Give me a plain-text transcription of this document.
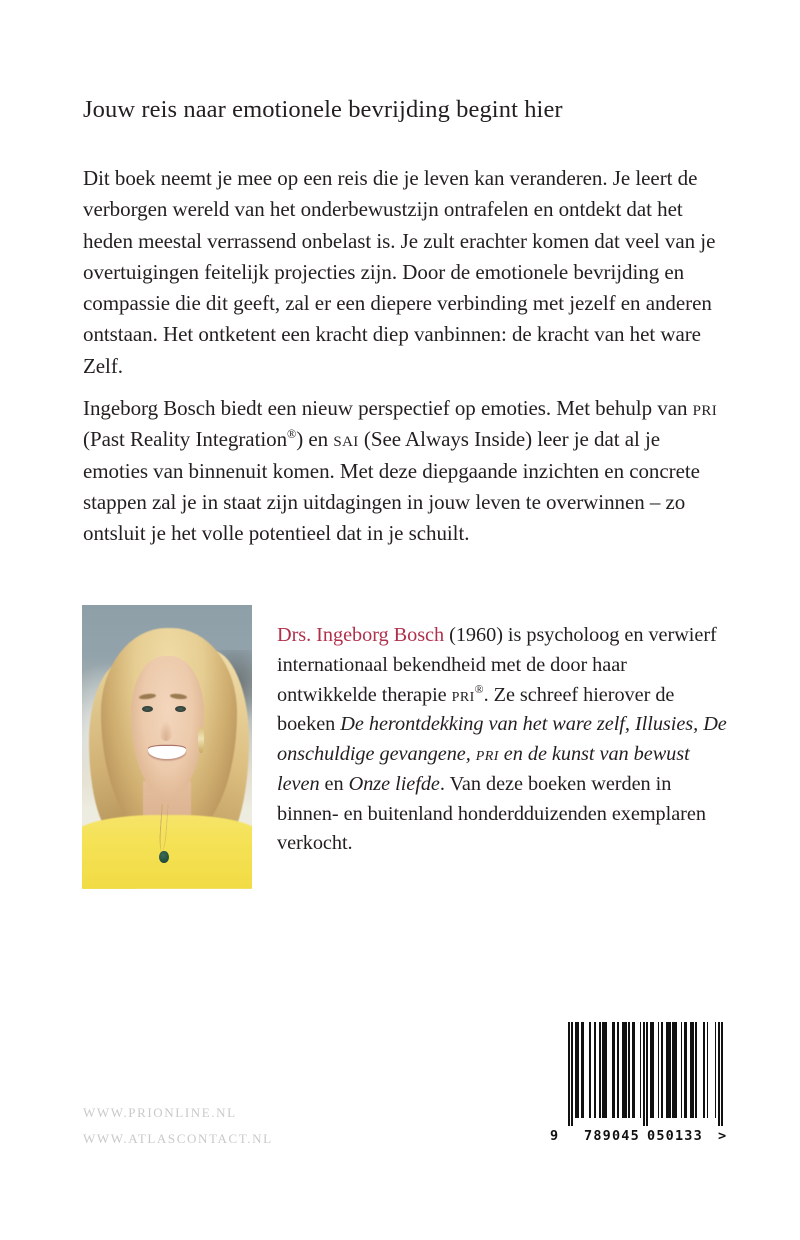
Jouw reis naar emotionele bevrijding begint hier

Dit boek neemt je mee op een reis die je leven kan veranderen. Je leert de verborgen wereld van het onderbewustzijn ontrafelen en ontdekt dat het heden meestal verrassend onbelast is. Je zult erachter komen dat veel van je overtuigingen feitelijk projecties zijn. Door de emotionele bevrijding en compassie die dit geeft, zal er een diepere verbinding met jezelf en anderen ontstaan. Het ontketent een kracht diep vanbinnen: de kracht van het ware Zelf.

Ingeborg Bosch biedt een nieuw perspectief op emoties. Met behulp van pri (Past Reality Integration®) en sai (See Always Inside) leer je dat al je emoties van binnenuit komen. Met deze diepgaande inzichten en concrete stappen zal je in staat zijn uitdagingen in jouw leven te overwinnen – zo ontsluit je het volle potentieel dat in je schuilt.

Drs. Ingeborg Bosch (1960) is psycholoog en verwierf internationaal bekendheid met de door haar ontwikkelde therapie pri®. Ze schreef hierover de boeken De herontdekking van het ware zelf, Illusies, De onschuldige gevangene, pri en de kunst van bewust leven en Onze liefde. Van deze boeken werden in binnen- en buitenland honderdduizenden exemplaren verkocht.

WWW.PRIONLINE.NL
WWW.ATLASCONTACT.NL	9 789045 050133 >
